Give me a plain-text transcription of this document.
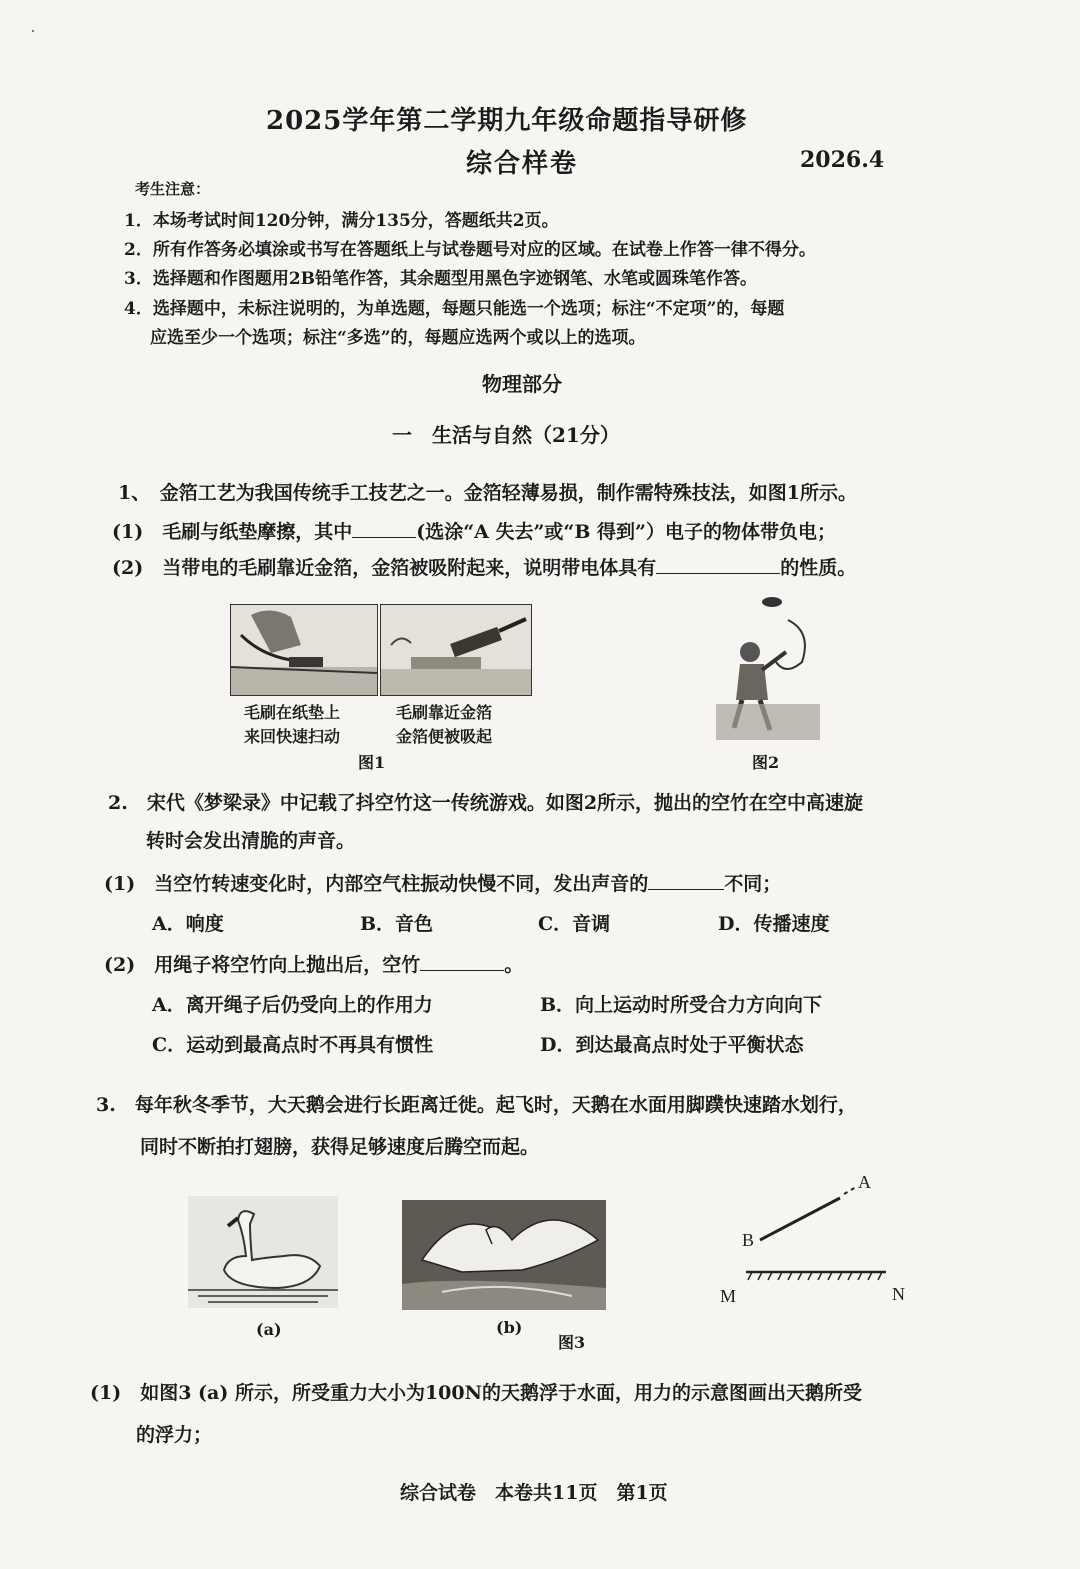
2025学年第二学期九年级命题指导研修
综合样卷	2026.4
考生注意：
1．本场考试时间120分钟，满分135分，答题纸共2页。
2．所有作答务必填涂或书写在答题纸上与试卷题号对应的区域。在试卷上作答一律不得分。
3．选择题和作图题用2B铅笔作答，其余题型用黑色字迹钢笔、水笔或圆珠笔作答。
4．选择题中，未标注说明的，为单选题，每题只能选一个选项；标注“不定项”的，每题
应选至少一个选项；标注“多选”的，每题应选两个或以上的选项。
物理部分
一　生活与自然（21分）
1、　金箔工艺为我国传统手工技艺之一。金箔轻薄易损，制作需特殊技法，如图1所示。
(1)　毛刷与纸垫摩擦，其中	(选涂“A 失去”或“B 得到”）电子的物体带负电；
(2)　当带电的毛刷靠近金箔，金箔被吸附起来，说明带电体具有	的性质。
毛刷在纸垫上
来回快速扫动
毛刷靠近金箔
金箔便被吸起
图1	图2
2.　宋代《梦梁录》中记载了抖空竹这一传统游戏。如图2所示，抛出的空竹在空中高速旋
转时会发出清脆的声音。
(1)　当空竹转速变化时，内部空气柱振动快慢不同，发出声音的	不同；
A．响度	B．音色	C．音调	D．传播速度
(2)　用绳子将空竹向上抛出后，空竹	。
A．离开绳子后仍受向上的作用力	B．向上运动时所受合力方向向下
C．运动到最高点时不再具有惯性	D．到达最高点时处于平衡状态
3.　每年秋冬季节，大天鹅会进行长距离迁徙。起飞时，天鹅在水面用脚蹼快速踏水划行，
同时不断拍打翅膀，获得足够速度后腾空而起。
(a)	(b)
图3
A
B
M	N
(1)　如图3 (a) 所示，所受重力大小为100N的天鹅浮于水面，用力的示意图画出天鹅所受
的浮力；
综合试卷　本卷共11页　第1页
